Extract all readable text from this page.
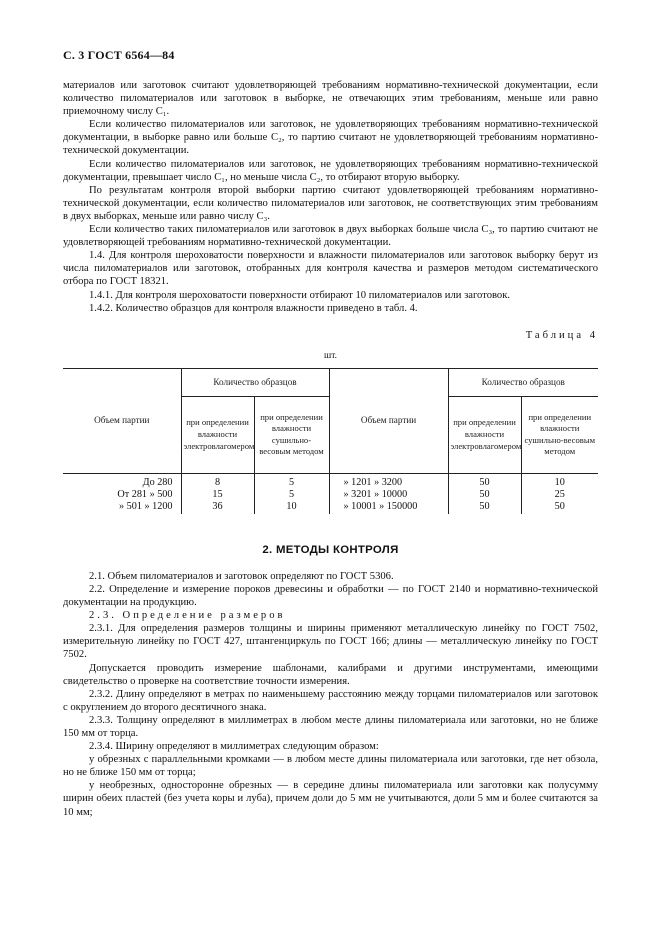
С. 3 ГОСТ 6564—84

материалов или заготовок считают удовлетворяющей требованиям нормативно-технической документации, если количество пиломатериалов или заготовок в выборке, не отвечающих этим требованиям, меньше или равно приемочному числу C₁.

Если количество пиломатериалов или заготовок, не удовлетворяющих требованиям нормативно-технической документации, в выборке равно или больше C₂, то партию считают не удовлетворяющей требованиям нормативно-технической документации.

Если количество пиломатериалов или заготовок, не удовлетворяющих требованиям нормативно-технической документации, превышает число C₁, но меньше числа C₂, то отбирают вторую выборку.

По результатам контроля второй выборки партию считают удовлетворяющей требованиям нормативно-технической документации, если количество пиломатериалов или заготовок, не соответствующих этим требованиям в двух выборках, меньше или равно числу C₃.

Если количество таких пиломатериалов или заготовок в двух выборках больше числа C₃, то партию считают не удовлетворяющей требованиям нормативно-технической документации.

1.4. Для контроля шероховатости поверхности и влажности пиломатериалов или заготовок выборку берут из числа пиломатериалов или заготовок, отобранных для контроля качества и размеров методом систематического отбора по ГОСТ 18321.

1.4.1. Для контроля шероховатости поверхности отбирают 10 пиломатериалов или заготовок.

1.4.2. Количество образцов для контроля влажности приведено в табл. 4.

Таблица 4
шт.
Объем партии	Количество образцов		Объем партии	Количество образцов	
	при определении влажности электровлагомером	при определении влажности сушильно-весовым методом		при определении влажности электровлагомером	при определении влажности сушильно-весовым методом
До 280	8	5	» 1201 » 3200	50	10
От 281 » 500	15	5	» 3201 » 10000	50	25
» 501 » 1200	36	10	» 10001 » 150000	50	50
2. МЕТОДЫ КОНТРОЛЯ

2.1. Объем пиломатериалов и заготовок определяют по ГОСТ 5306.

2.2. Определение и измерение пороков древесины и обработки — по ГОСТ 2140 и нормативно-технической документации на продукцию.

2.3. Определение размеров

2.3.1. Для определения размеров толщины и ширины применяют металлическую линейку по ГОСТ 7502, измерительную линейку по ГОСТ 427, штангенциркуль по ГОСТ 166; длины — металлическую линейку по ГОСТ 7502.

Допускается проводить измерение шаблонами, калибрами и другими инструментами, имеющими свидетельство о проверке на соответствие точности измерения.

2.3.2. Длину определяют в метрах по наименьшему расстоянию между торцами пиломатериалов или заготовок с округлением до второго десятичного знака.

2.3.3. Толщину определяют в миллиметрах в любом месте длины пиломатериала или заготовки, но не ближе 150 мм от торца.

2.3.4. Ширину определяют в миллиметрах следующим образом:

у обрезных с параллельными кромками — в любом месте длины пиломатериала или заготовки, где нет обзола, но не ближе 150 мм от торца;

у необрезных, односторонне обрезных — в середине длины пиломатериала или заготовки как полусумму ширин обеих пластей (без учета коры и луба), причем доли до 5 мм не учитываются, доли 5 мм и более считаются за 10 мм;
